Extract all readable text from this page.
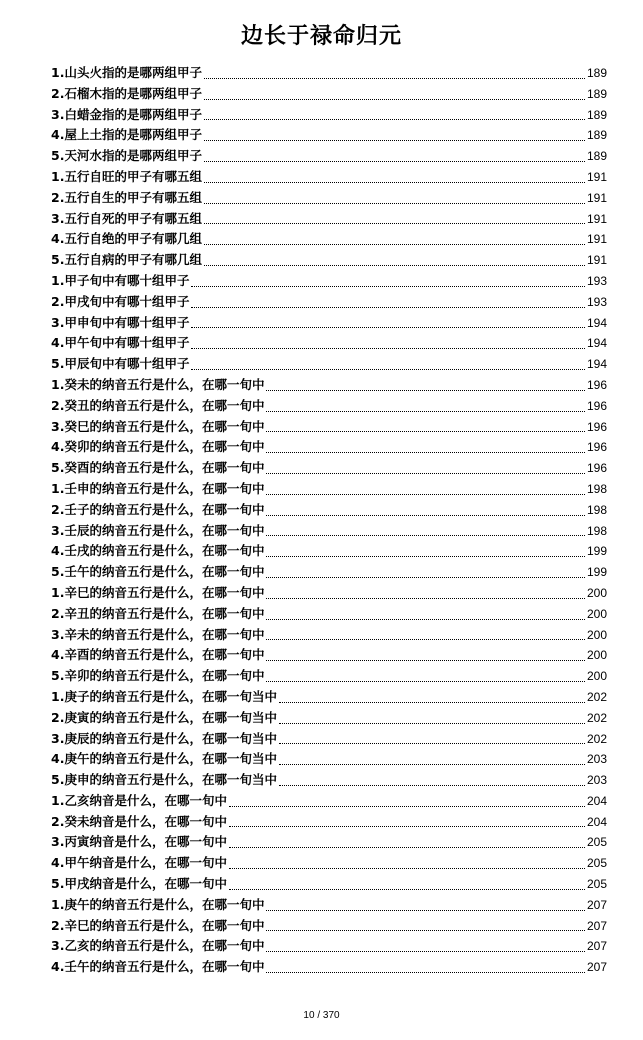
边长于禄命归元
1.山头火指的是哪两组甲子	189
2.石榴木指的是哪两组甲子	189
3.白蜡金指的是哪两组甲子	189
4.屋上土指的是哪两组甲子	189
5.天河水指的是哪两组甲子	189
1.五行自旺的甲子有哪五组	191
2.五行自生的甲子有哪五组	191
3.五行自死的甲子有哪五组	191
4.五行自绝的甲子有哪几组	191
5.五行自病的甲子有哪几组	191
1.甲子旬中有哪十组甲子	193
2.甲戌旬中有哪十组甲子	193
3.甲申旬中有哪十组甲子	194
4.甲午旬中有哪十组甲子	194
5.甲辰旬中有哪十组甲子	194
1.癸未的纳音五行是什么，在哪一旬中	196
2.癸丑的纳音五行是什么，在哪一旬中	196
3.癸巳的纳音五行是什么，在哪一旬中	196
4.癸卯的纳音五行是什么，在哪一旬中	196
5.癸酉的纳音五行是什么，在哪一旬中	196
1.壬申的纳音五行是什么，在哪一旬中	198
2.壬子的纳音五行是什么，在哪一旬中	198
3.壬辰的纳音五行是什么，在哪一旬中	198
4.壬戌的纳音五行是什么，在哪一旬中	199
5.壬午的纳音五行是什么，在哪一旬中	199
1.辛巳的纳音五行是什么，在哪一旬中	200
2.辛丑的纳音五行是什么，在哪一旬中	200
3.辛未的纳音五行是什么，在哪一旬中	200
4.辛酉的纳音五行是什么，在哪一旬中	200
5.辛卯的纳音五行是什么，在哪一旬中	200
1.庚子的纳音五行是什么，在哪一旬当中	202
2.庚寅的纳音五行是什么，在哪一旬当中	202
3.庚辰的纳音五行是什么，在哪一旬当中	202
4.庚午的纳音五行是什么，在哪一旬当中	203
5.庚申的纳音五行是什么，在哪一旬当中	203
1.乙亥纳音是什么，在哪一旬中	204
2.癸未纳音是什么，在哪一旬中	204
3.丙寅纳音是什么，在哪一旬中	205
4.甲午纳音是什么，在哪一旬中	205
5.甲戌纳音是什么，在哪一旬中	205
1.庚午的纳音五行是什么，在哪一旬中	207
2.辛巳的纳音五行是什么，在哪一旬中	207
3.乙亥的纳音五行是什么，在哪一旬中	207
4.壬午的纳音五行是什么，在哪一旬中	207
10 / 370
